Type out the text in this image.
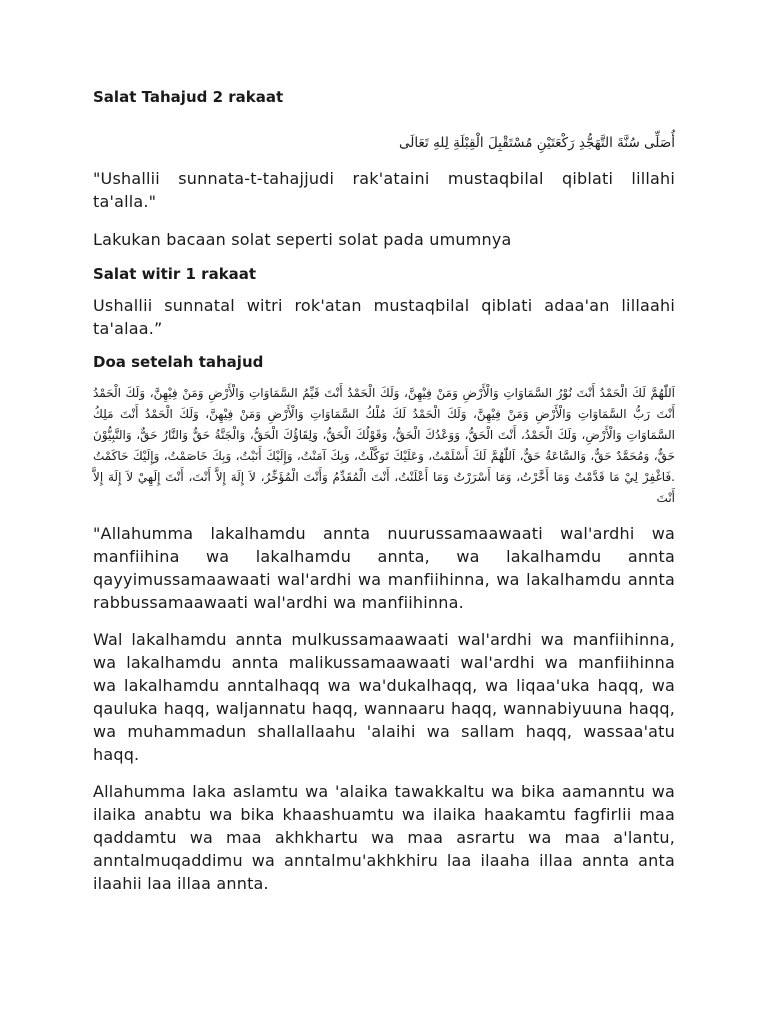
Salat Tahajud 2 rakaat

أُصَلِّى سُنَّةَ التَّهَجُّدِ رَكْعَتَيْنِ مُسْتَقْبِلَ الْقِبْلَةِ لِلهِ تَعَالَى

"Ushallii sunnata-t-tahajjudi rak'ataini mustaqbilal qiblati lillahi ta'alla."

Lakukan bacaan solat seperti solat pada umumnya

Salat witir 1 rakaat

Ushallii sunnatal witri rok'atan mustaqbilal qiblati adaa'an lillaahi ta'alaa.”

Doa setelah tahajud

اَللّٰهُمَّ لَكَ الْحَمْدُ أَنْتَ نُوْرُ السَّمَاوَاتِ وَالْأَرْضِ وَمَنْ فِيْهِنَّ، وَلَكَ الْحَمْدُ أَنْتَ قَيِّمُ السَّمَاوَاتِ وَالْأَرْضِ وَمَنْ فِيْهِنَّ، وَلَكَ الْحَمْدُ أَنْتَ رَبُّ السَّمَاوَاتِ وَالْأَرْضِ وَمَنْ فِيْهِنَّ، وَلَكَ الْحَمْدُ لَكَ مُلْكُ السَّمَاوَاتِ وَالْأَرْضِ وَمَنْ فِيْهِنَّ، وَلَكَ الْحَمْدُ أَنْتَ مَلِكُ السَّمَاوَاتِ وَالْأَرْضِ، وَلَكَ الْحَمْدُ، أَنْتَ الْحَقُّ، وَوَعْدُكَ الْحَقُّ، وَقَوْلُكَ الْحَقُّ، وَلِقَاؤُكَ الْحَقُّ، وَالْجَنَّةُ حَقٌّ وَالنَّارُ حَقٌّ، وَالنَّبِيُّوْنَ حَقٌّ، وَمُحَمَّدٌ حَقٌّ، وَالسَّاعَةُ حَقٌّ، اَللّٰهُمَّ لَكَ أَسْلَمْتُ، وَعَلَيْكَ تَوَكَّلْتُ، وَبِكَ آمَنْتُ، وَإِلَيْكَ أَنَبْتُ، وَبِكَ خَاصَمْتُ، وَإِلَيْكَ حَاكَمْتُ .فَاغْفِرْ لِيْ مَا قَدَّمْتُ وَمَا أَخَّرْتُ، وَمَا أَسْرَرْتُ وَمَا أَعْلَنْتُ، أَنْتَ الْمُقَدِّمُ وَأَنْتَ الْمُؤَخِّرُ، لاَ إِلَهَ إِلاَّ أَنْتَ، أَنْتَ إِلَهِيْ لاَ إِلَهَ إِلاَّ أَنْتَ

"Allahumma lakalhamdu annta nuurussamaawaati wal'ardhi wa manfiihina wa lakalhamdu annta, wa lakalhamdu annta qayyimussamaawaati wal'ardhi wa manfiihinna, wa lakalhamdu annta rabbussamaawaati wal'ardhi wa manfiihinna.

Wal lakalhamdu annta mulkussamaawaati wal'ardhi wa manfiihinna, wa lakalhamdu annta malikussamaawaati wal'ardhi wa manfiihinna wa lakalhamdu anntalhaqq wa wa'dukalhaqq, wa liqaa'uka haqq, wa qauluka haqq, waljannatu haqq, wannaaru haqq, wannabiyuuna haqq, wa muhammadun shallallaahu 'alaihi wa sallam haqq, wassaa'atu haqq.

Allahumma laka aslamtu wa 'alaika tawakkaltu wa bika aamanntu wa ilaika anabtu wa bika khaashuamtu wa ilaika haakamtu fagfirlii maa qaddamtu wa maa akhkhartu wa maa asrartu wa maa a'lantu, anntalmuqaddimu wa anntalmu'akhkhiru laa ilaaha illaa annta anta ilaahii laa illaa annta.
